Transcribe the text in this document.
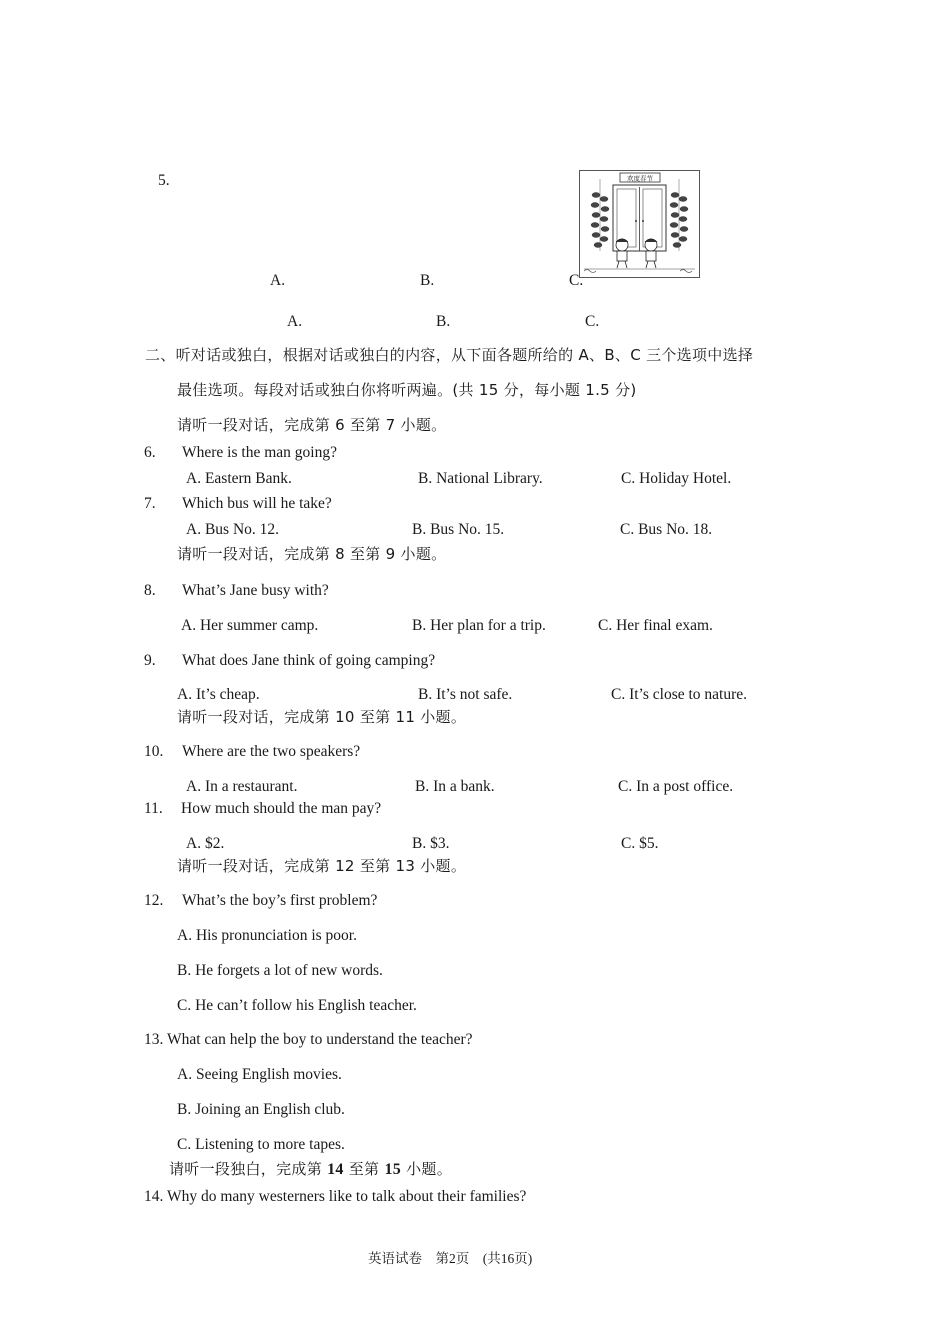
5.	欢度春节
A.	B.	C.
A.	B.	C.
二、听对话或独白，根据对话或独白的内容，从下面各题所给的 A、B、C 三个选项中选择
最佳选项。每段对话或独白你将听两遍。(共 15 分，每小题 1.5 分)
请听一段对话，完成第 6 至第 7 小题。
6. Where is the man going?
A. Eastern Bank.	B. National Library.	C. Holiday Hotel.
7. Which bus will he take?
A. Bus No. 12.	B. Bus No. 15.	C. Bus No. 18.
请听一段对话，完成第 8 至第 9 小题。
8. What’s Jane busy with?
A. Her summer camp.	B. Her plan for a trip.	C. Her final exam.
9. What does Jane think of going camping?
A. It’s cheap.	B. It’s not safe.	C. It’s close to nature.
请听一段对话，完成第 10 至第 11 小题。
10. Where are the two speakers?
A. In a restaurant.	B. In a bank.	C. In a post office.
11. How much should the man pay?
A. $2.	B. $3.	C. $5.
请听一段对话，完成第 12 至第 13 小题。
12. What’s the boy’s first problem?
A. His pronunciation is poor.
B. He forgets a lot of new words.
C. He can’t follow his English teacher.
13. What can help the boy to understand the teacher?
A. Seeing English movies.
B. Joining an English club.
C. Listening to more tapes.
请听一段独白，完成第 14 至第 15 小题。
14. Why do many westerners like to talk about their families?
英语试卷　第2页　(共16页)
